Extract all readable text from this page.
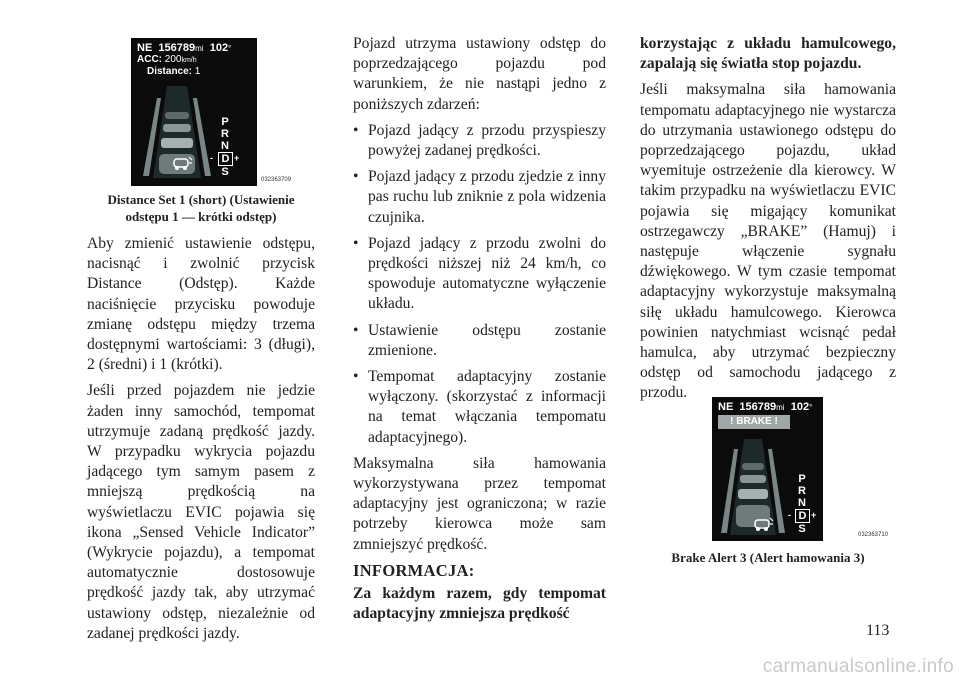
NE 156789mi 102°
ACC: 200km/h
Distance: 1
P
R
N
D
- +
S
032363709
Distance Set 1 (short) (Ustawienie odstępu 1 — krótki odstęp)

Aby zmienić ustawienie odstępu, nacisnąć i zwolnić przycisk Distance (Odstęp). Każde naciśnięcie przycisku powoduje zmianę odstępu między trzema dostępnymi wartościami: 3 (długi), 2 (średni) i 1 (krótki).

Jeśli przed pojazdem nie jedzie żaden inny samochód, tempomat utrzymuje zadaną prędkość jazdy. W przypadku wykrycia pojazdu jadącego tym samym pasem z mniejszą prędkością na wyświetlaczu EVIC pojawia się ikona „Sensed Vehicle Indicator” (Wykrycie pojazdu), a tempomat automatycznie dostosowuje prędkość jazdy tak, aby utrzymać ustawiony odstęp, niezależnie od zadanej prędkości jazdy.

Pojazd utrzyma ustawiony odstęp do poprzedzającego pojazdu pod warunkiem, że nie nastąpi jedno z poniższych zdarzeń:

• Pojazd jadący z przodu przyspieszy powyżej zadanej prędkości.
• Pojazd jadący z przodu zjedzie z inny pas ruchu lub zniknie z pola widzenia czujnika.
• Pojazd jadący z przodu zwolni do prędkości niższej niż 24 km/h, co spowoduje automatyczne wyłączenie układu.
• Ustawienie odstępu zostanie zmienione.
• Tempomat adaptacyjny zostanie wyłączony. (skorzystać z informacji na temat włączania tempomatu adaptacyjnego).

Maksymalna siła hamowania wykorzystywana przez tempomat adaptacyjny jest ograniczona; w razie potrzeby kierowca może sam zmniejszyć prędkość.

INFORMACJA:

Za każdym razem, gdy tempomat adaptacyjny zmniejsza prędkość

korzystając z układu hamulcowego, zapalają się światła stop pojazdu.

Jeśli maksymalna siła hamowania tempomatu adaptacyjnego nie wystarcza do utrzymania ustawionego odstępu do poprzedzającego pojazdu, układ wyemituje ostrzeżenie dla kierowcy. W takim przypadku na wyświetlaczu EVIC pojawia się migający komunikat ostrzegawczy „BRAKE” (Hamuj) i następuje włączenie sygnału dźwiękowego. W tym czasie tempomat adaptacyjny wykorzystuje maksymalną siłę układu hamulcowego. Kierowca powinien natychmiast wcisnąć pedał hamulca, aby utrzymać bezpieczny odstęp od samochodu jadącego z przodu.

NE 156789mi 102°
! BRAKE !
P
R
N
D
- +
S	032363710
Brake Alert 3 (Alert hamowania 3)
113
carmanualsonline.info
